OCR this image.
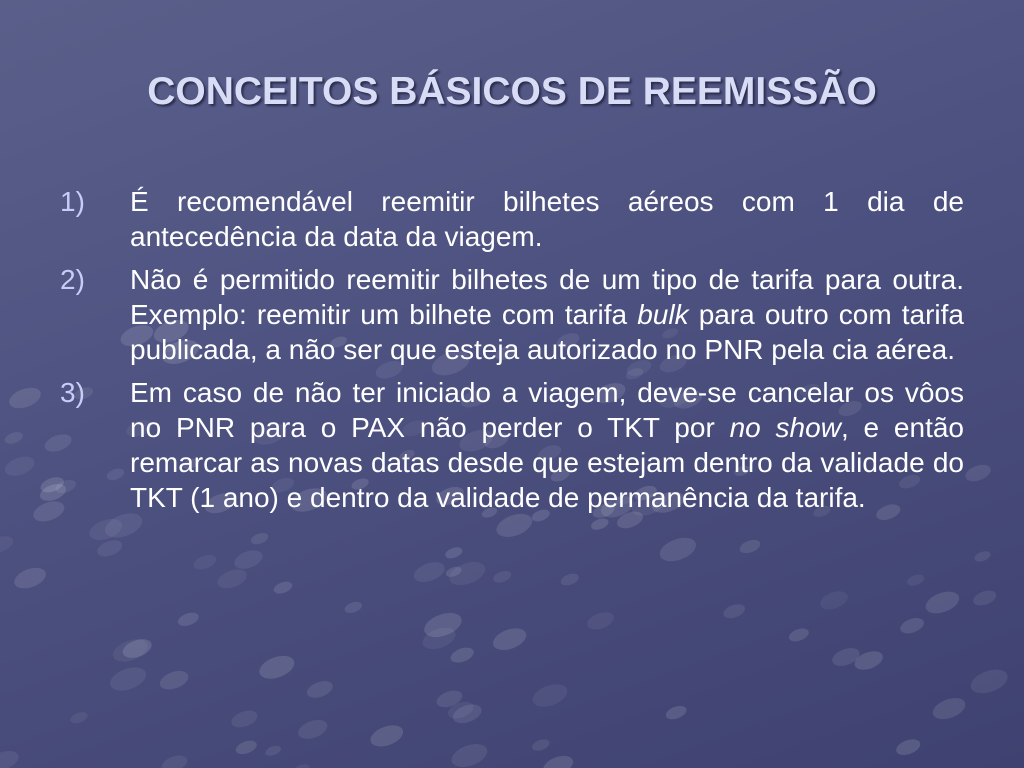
CONCEITOS BÁSICOS DE REEMISSÃO
1)	É recomendável reemitir bilhetes aéreos com 1 dia de antecedência da data da viagem.
2)	Não é permitido reemitir bilhetes de um tipo de tarifa para outra. Exemplo: reemitir um bilhete com tarifa bulk para outro com tarifa publicada, a não ser que esteja autorizado no PNR pela cia aérea.
3)	Em caso de não ter iniciado a viagem, deve-se cancelar os vôos no PNR para o PAX não perder o TKT por no show, e então remarcar as novas datas desde que estejam dentro da validade do TKT (1 ano) e dentro da validade de permanência da tarifa.
